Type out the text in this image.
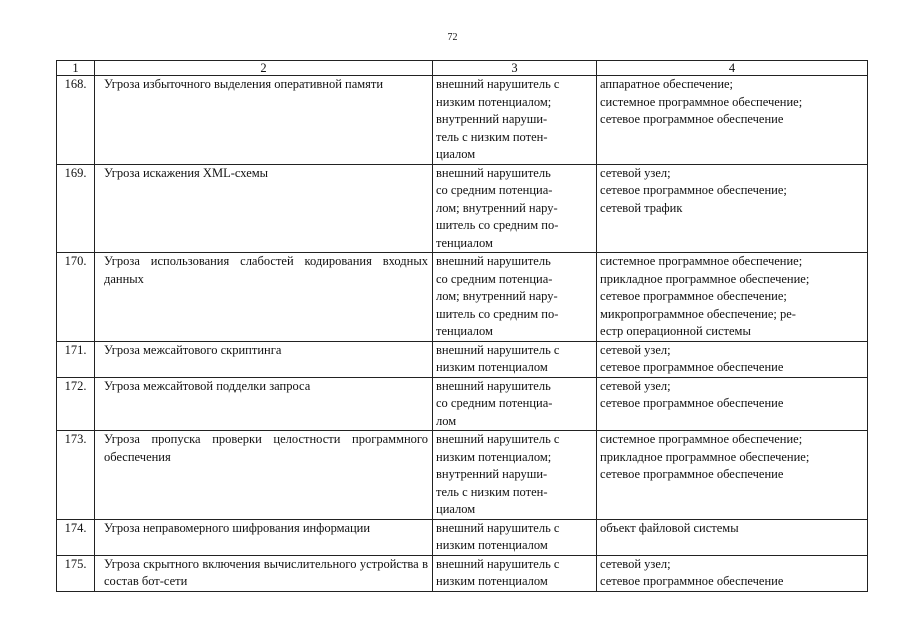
72
1	2	3	4
168.	Угроза избыточного выделения оперативной памяти	внешний нарушитель с
низким потенциалом;
внутренний наруши-
тель с низким потен-
циалом	аппаратное обеспечение;
системное программное обеспечение;
сетевое программное обеспечение

169.	Угроза искажения XML-схемы	внешний нарушитель
со средним потенциа-
лом; внутренний нару-
шитель со средним по-
тенциалом	сетевой узел;
сетевое программное обеспечение;
сетевой трафик

170.	Угроза использования слабостей кодирования входных данных	внешний нарушитель
со средним потенциа-
лом; внутренний нару-
шитель со средним по-
тенциалом	системное программное обеспечение;
прикладное программное обеспечение;
сетевое программное обеспечение;
микропрограммное обеспечение; ре-
естр операционной системы

171.	Угроза межсайтового скриптинга	внешний нарушитель с
низким потенциалом	сетевой узел;
сетевое программное обеспечение

172.	Угроза межсайтовой подделки запроса	внешний нарушитель
со средним потенциа-
лом	сетевой узел;
сетевое программное обеспечение

173.	Угроза пропуска проверки целостности программного обеспечения	внешний нарушитель с
низким потенциалом;
внутренний наруши-
тель с низким потен-
циалом	системное программное обеспечение;
прикладное программное обеспечение;
сетевое программное обеспечение

174.	Угроза неправомерного шифрования информации	внешний нарушитель с
низким потенциалом	объект файловой системы

175.	Угроза скрытного включения вычислительного устройства в состав бот-сети	внешний нарушитель с
низким потенциалом	сетевой узел;
сетевое программное обеспечение
